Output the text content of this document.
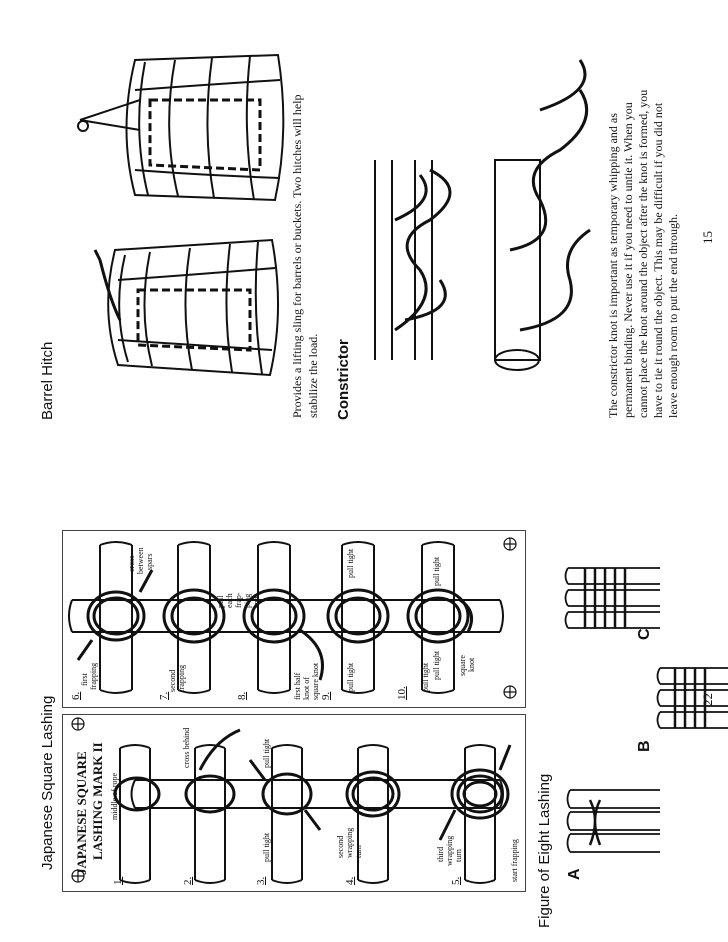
Japanese Square Lashing	Figure of Eight Lashing
22
JAPANESE SQUARE LASHING MARK II
1.	2.	3.	4.	5.
middle of rope
cross behind
pull tight
pull tight
second wrapping turn	third wrapping turn	start frapping
6.	7.	8.	9.	10.
first frapping
cross between spars
second frapping
pull each frap- ping end
first half knot of square knot	pull tight
pull tight
pull tight pull tight square knot
pull tight
A
B
C
Barrel Hitch	Provides a lifting sling for barrels or buckets. Two hitches will help stabilize the load. Constrictor	The constrictor knot is important as temporary whipping and as permanent binding. Never use it if you need to untie it. When you cannot place the knot around the object after the knot is formed, you have to tie it round the object. This may be difficult if you did not leave enough room to put the end through. 15
